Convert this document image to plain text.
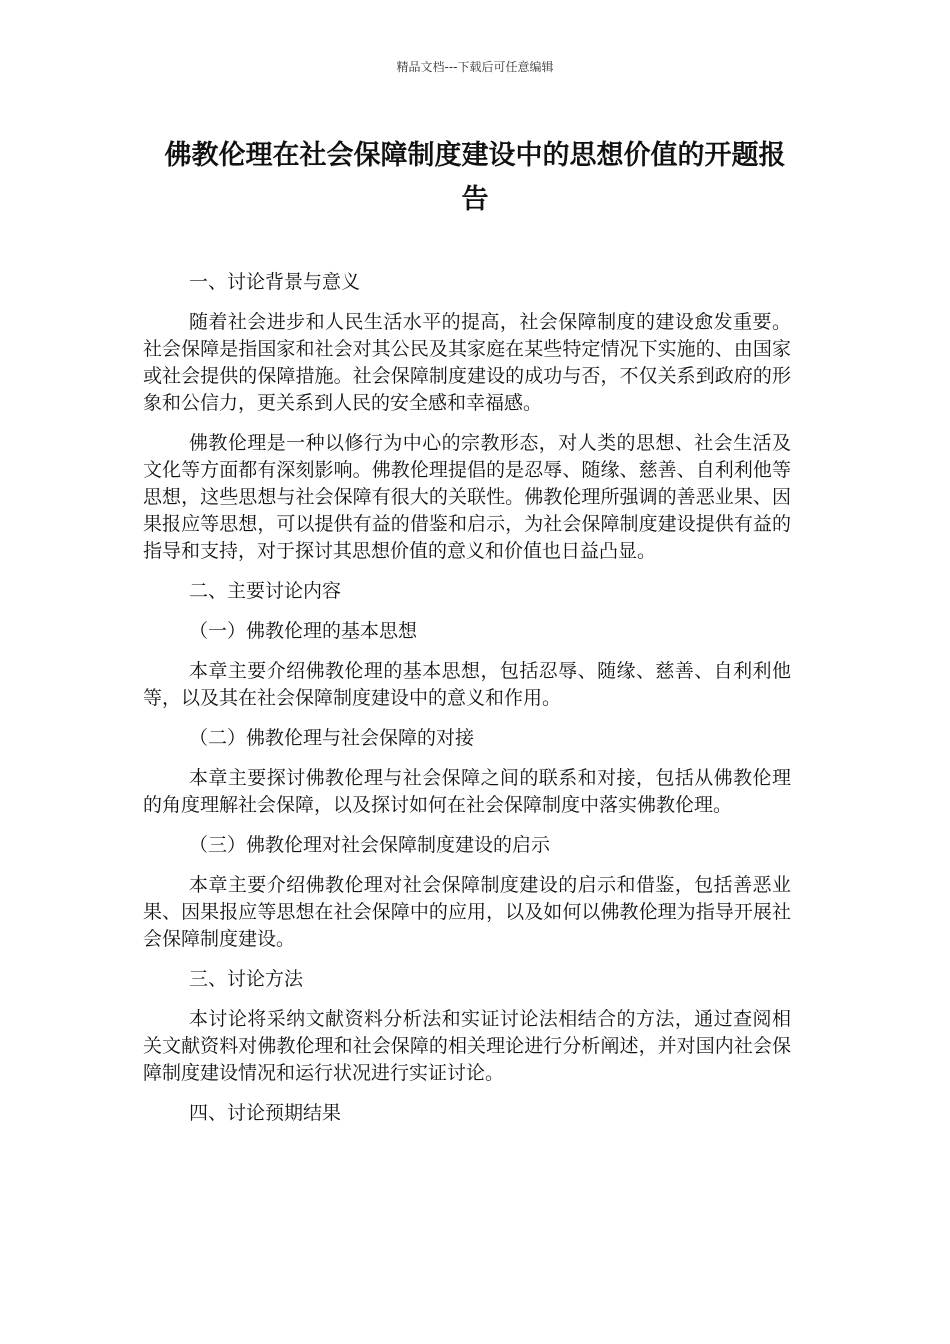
精品文档---下载后可任意编辑
佛教伦理在社会保障制度建设中的思想价值的开题报
告
一、讨论背景与意义
随着社会进步和人民生活水平的提高，社会保障制度的建设愈发重要。社会保障是指国家和社会对其公民及其家庭在某些特定情况下实施的、由国家或社会提供的保障措施。社会保障制度建设的成功与否，不仅关系到政府的形象和公信力，更关系到人民的安全感和幸福感。
佛教伦理是一种以修行为中心的宗教形态，对人类的思想、社会生活及文化等方面都有深刻影响。佛教伦理提倡的是忍辱、随缘、慈善、自利利他等思想，这些思想与社会保障有很大的关联性。佛教伦理所强调的善恶业果、因果报应等思想，可以提供有益的借鉴和启示，为社会保障制度建设提供有益的指导和支持，对于探讨其思想价值的意义和价值也日益凸显。
二、主要讨论内容
（一）佛教伦理的基本思想
本章主要介绍佛教伦理的基本思想，包括忍辱、随缘、慈善、自利利他等，以及其在社会保障制度建设中的意义和作用。
（二）佛教伦理与社会保障的对接
本章主要探讨佛教伦理与社会保障之间的联系和对接，包括从佛教伦理的角度理解社会保障，以及探讨如何在社会保障制度中落实佛教伦理。
（三）佛教伦理对社会保障制度建设的启示
本章主要介绍佛教伦理对社会保障制度建设的启示和借鉴，包括善恶业果、因果报应等思想在社会保障中的应用，以及如何以佛教伦理为指导开展社会保障制度建设。
三、讨论方法
本讨论将采纳文献资料分析法和实证讨论法相结合的方法，通过查阅相关文献资料对佛教伦理和社会保障的相关理论进行分析阐述，并对国内社会保障制度建设情况和运行状况进行实证讨论。
四、讨论预期结果
